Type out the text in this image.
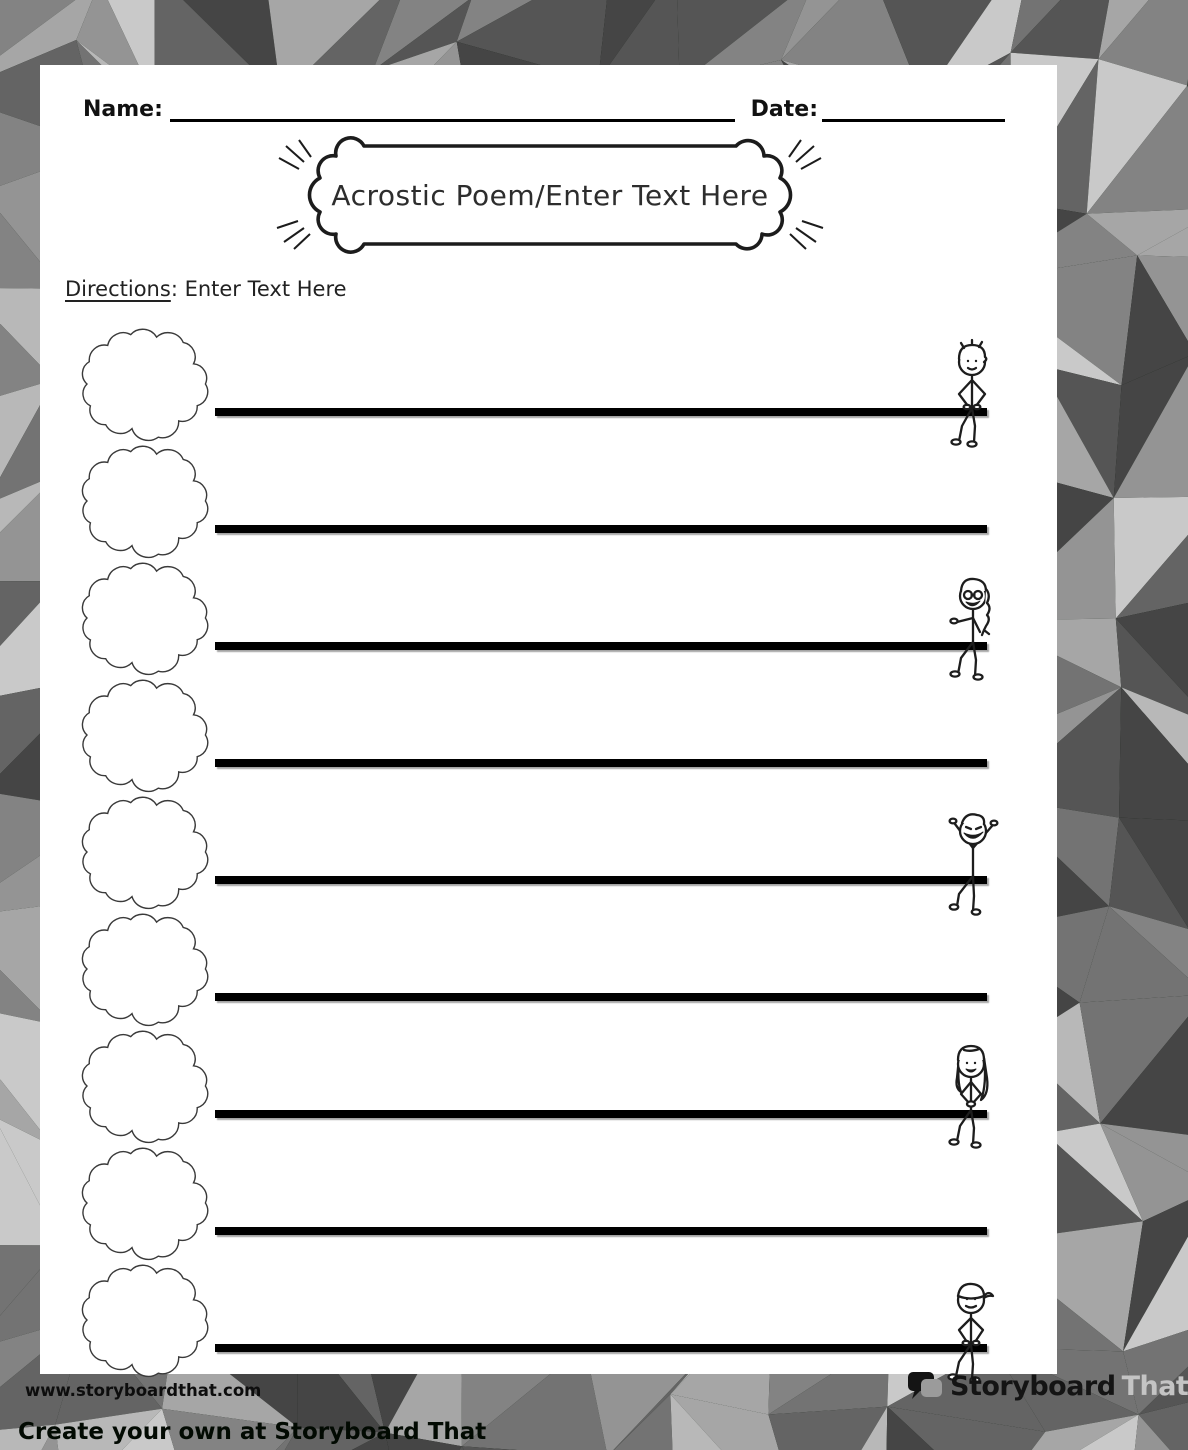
Name:	Date:
Acrostic Poem/Enter Text Here
Directions: Enter Text Here
www.storyboardthat.com	Storyboard That
Create your own at Storyboard That
